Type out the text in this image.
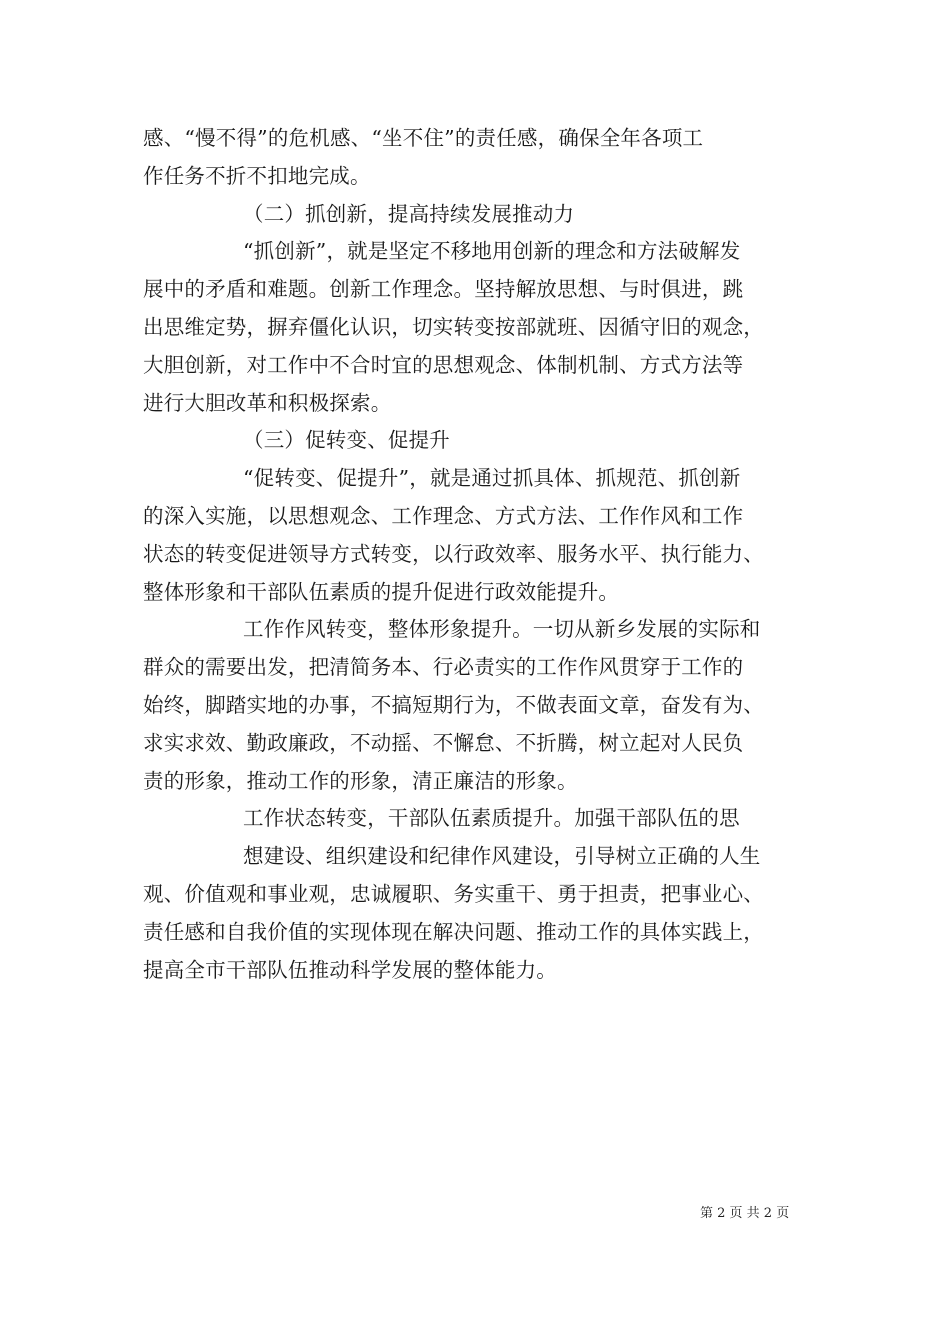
感、“慢不得”的危机感、“坐不住”的责任感，确保全年各项工
作任务不折不扣地完成。
（二）抓创新，提高持续发展推动力
“抓创新”，就是坚定不移地用创新的理念和方法破解发
展中的矛盾和难题。创新工作理念。坚持解放思想、与时俱进，跳
出思维定势，摒弃僵化认识，切实转变按部就班、因循守旧的观念，
大胆创新，对工作中不合时宜的思想观念、体制机制、方式方法等
进行大胆改革和积极探索。
（三）促转变、促提升
“促转变、促提升”，就是通过抓具体、抓规范、抓创新
的深入实施，以思想观念、工作理念、方式方法、工作作风和工作
状态的转变促进领导方式转变，以行政效率、服务水平、执行能力、
整体形象和干部队伍素质的提升促进行政效能提升。
工作作风转变，整体形象提升。一切从新乡发展的实际和
群众的需要出发，把清简务本、行必责实的工作作风贯穿于工作的
始终，脚踏实地的办事，不搞短期行为，不做表面文章，奋发有为、
求实求效、勤政廉政，不动摇、不懈怠、不折腾，树立起对人民负
责的形象，推动工作的形象，清正廉洁的形象。
工作状态转变，干部队伍素质提升。加强干部队伍的思
想建设、组织建设和纪律作风建设，引导树立正确的人生
观、价值观和事业观，忠诚履职、务实重干、勇于担责，把事业心、
责任感和自我价值的实现体现在解决问题、推动工作的具体实践上，
提高全市干部队伍推动科学发展的整体能力。
第 2 页 共 2 页
